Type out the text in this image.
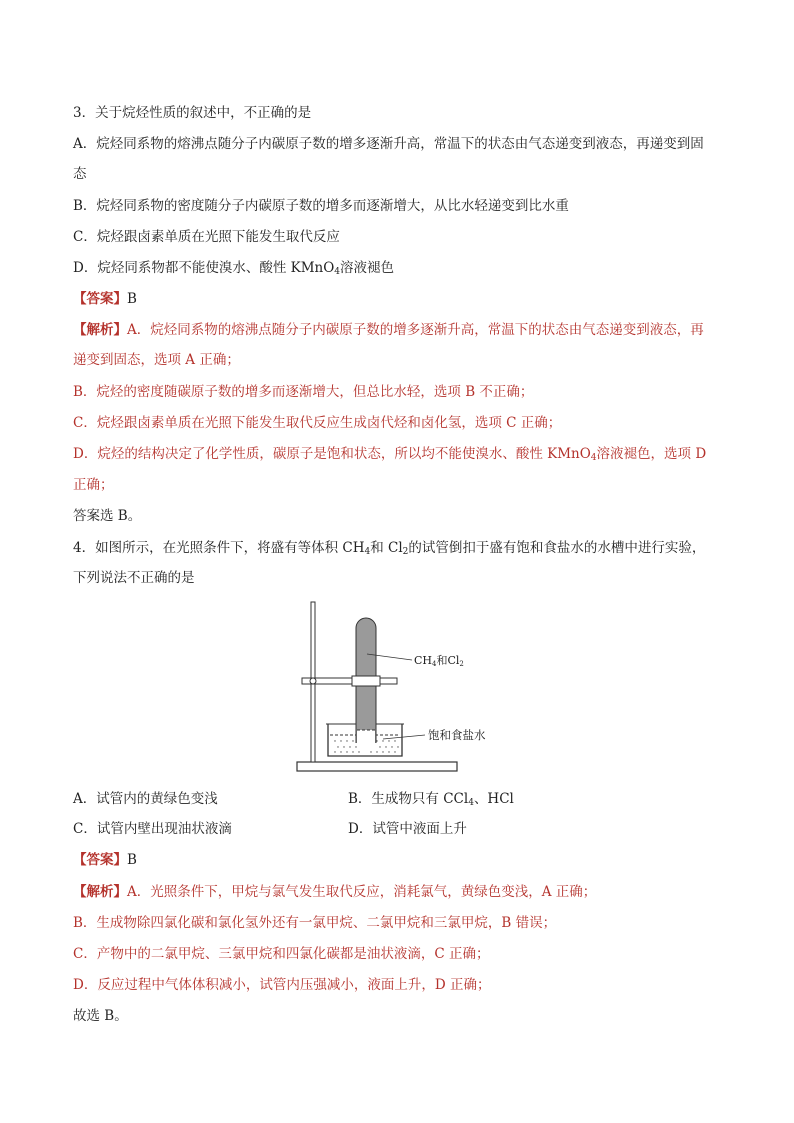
3．关于烷烃性质的叙述中，不正确的是
A．烷烃同系物的熔沸点随分子内碳原子数的增多逐渐升高，常温下的状态由气态递变到液态，再递变到固
态
B．烷烃同系物的密度随分子内碳原子数的增多而逐渐增大，从比水轻递变到比水重
C．烷烃跟卤素单质在光照下能发生取代反应
D．烷烃同系物都不能使溴水、酸性 KMnO$_4$溶液褪色
【答案】B
【解析】A．烷烃同系物的熔沸点随分子内碳原子数的增多逐渐升高，常温下的状态由气态递变到液态，再
递变到固态，选项 A 正确；
B．烷烃的密度随碳原子数的增多而逐渐增大，但总比水轻，选项 B 不正确；
C．烷烃跟卤素单质在光照下能发生取代反应生成卤代烃和卤化氢，选项 C 正确；
D．烷烃的结构决定了化学性质，碳原子是饱和状态，所以均不能使溴水、酸性 KMnO$_4$溶液褪色，选项 D
正确；
答案选 B。
4．如图所示，在光照条件下，将盛有等体积 $CH_4$和 $Cl_2$的试管倒扣于盛有饱和食盐水的水槽中进行实验，
下列说法不正确的是
CH4和Cl2
饱和食盐水
A．试管内的黄绿色变浅	B．生成物只有 CCl$_4$、HCl
C．试管内壁出现油状液滴	D．试管中液面上升
【答案】B
【解析】A．光照条件下，甲烷与氯气发生取代反应，消耗氯气，黄绿色变浅，A 正确；
B．生成物除四氯化碳和氯化氢外还有一氯甲烷、二氯甲烷和三氯甲烷，B 错误；
C．产物中的二氯甲烷、三氯甲烷和四氯化碳都是油状液滴，C 正确；
D．反应过程中气体体积减小，试管内压强减小，液面上升，D 正确；
故选 B。
